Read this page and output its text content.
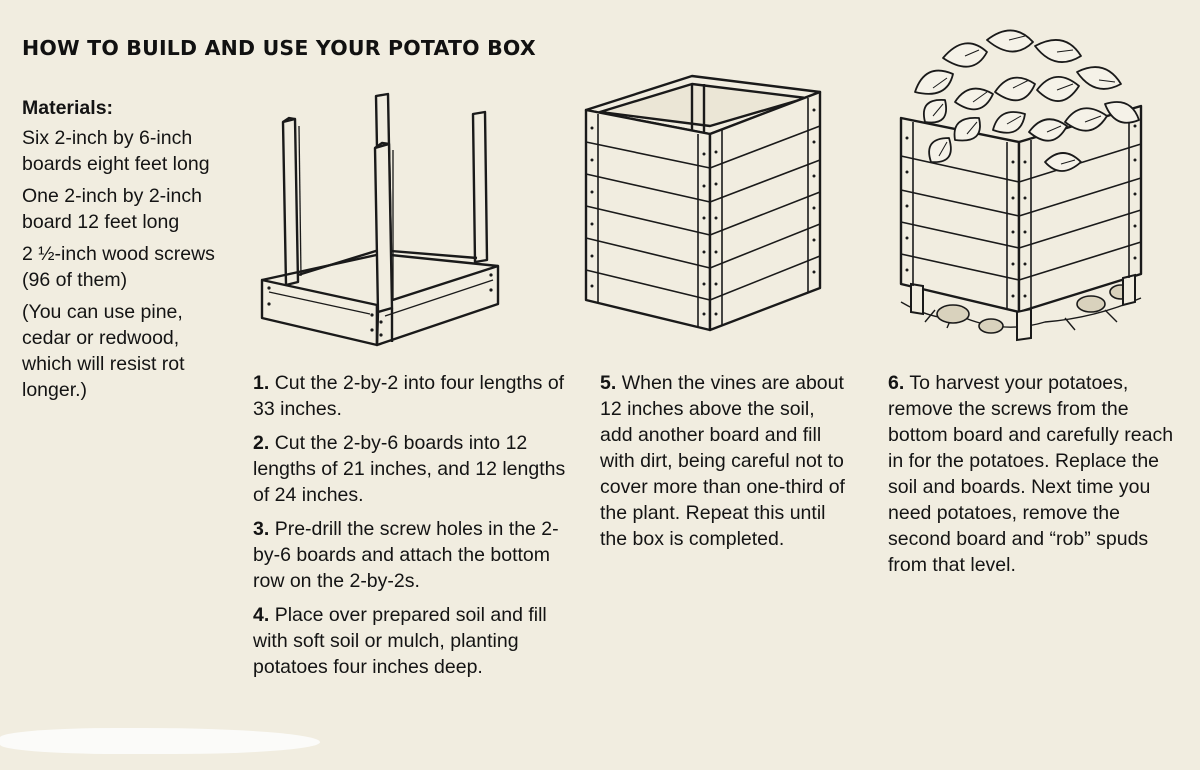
HOW TO BUILD AND USE YOUR POTATO BOX
Materials:

Six 2-inch by 6-inch boards eight feet long

One 2-inch by 2-inch board 12 feet long

2 ½-inch wood screws (96 of them)

(You can use pine, cedar or redwood, which will resist rot longer.)	1. Cut the 2-by-2 into four lengths of 33 inches.

2. Cut the 2-by-6 boards into 12 lengths of 21 inches, and 12 lengths of 24 inches.

3. Pre-drill the screw holes in the 2-by-6 boards and attach the bottom row on the 2-by-2s.

4. Place over prepared soil and fill with soft soil or mulch, planting potatoes four inches deep.

5. When the vines are about 12 inches above the soil, add another board and fill with dirt, being careful not to cover more than one-third of the plant. Repeat this until the box is completed.

6. To harvest your potatoes, remove the screws from the bottom board and carefully reach in for the potatoes. Replace the soil and boards. Next time you need potatoes, remove the second board and “rob” spuds from that level.
